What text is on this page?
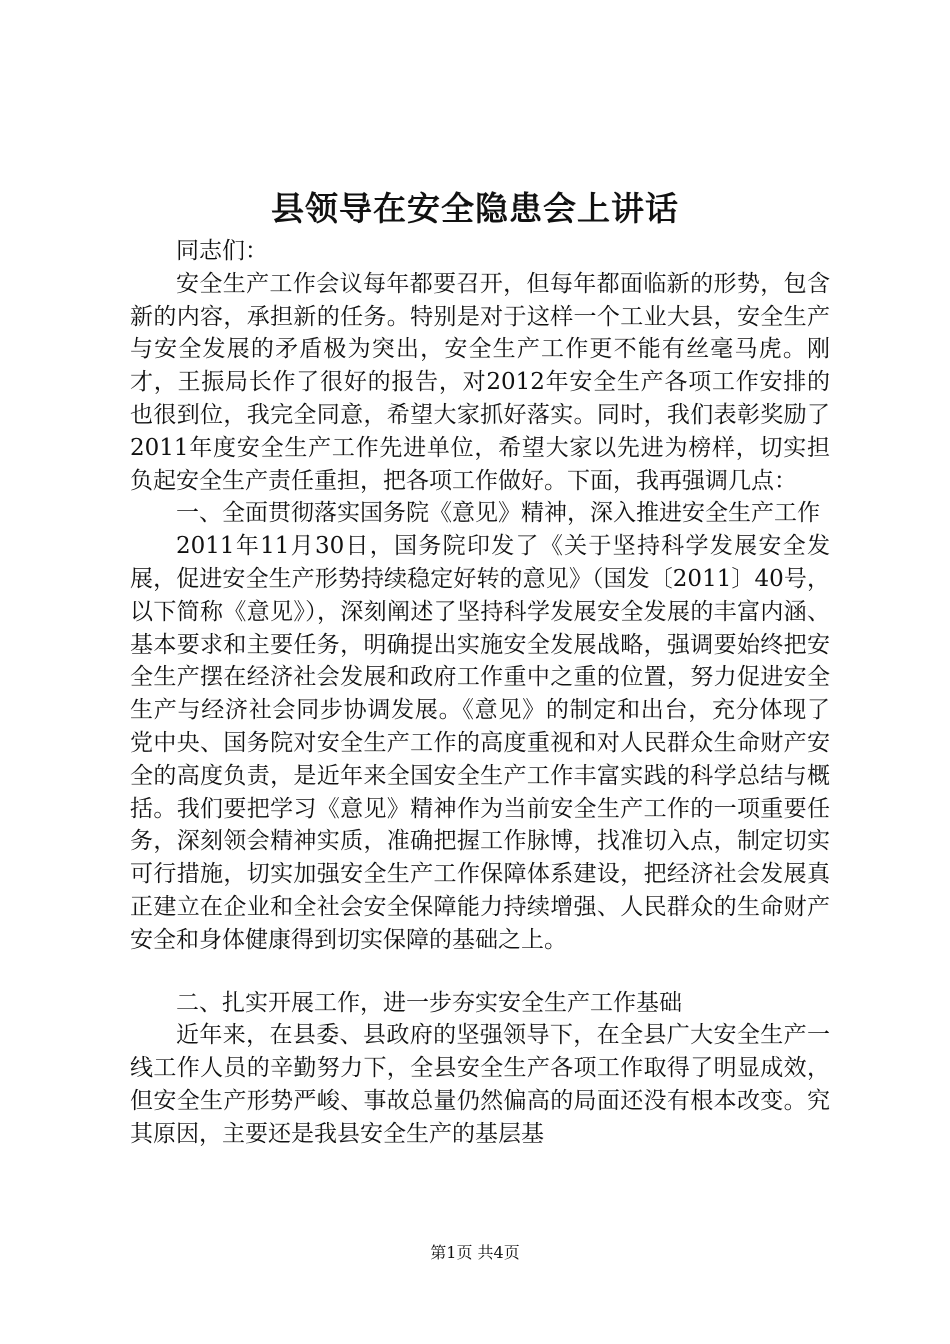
县领导在安全隐患会上讲话

同志们：

安全生产工作会议每年都要召开，但每年都面临新的形势，包含新的内容，承担新的任务。特别是对于这样一个工业大县，安全生产与安全发展的矛盾极为突出，安全生产工作更不能有丝毫马虎。刚才，王振局长作了很好的报告，对2012年安全生产各项工作安排的也很到位，我完全同意，希望大家抓好落实。同时，我们表彰奖励了2011年度安全生产工作先进单位，希望大家以先进为榜样，切实担负起安全生产责任重担，把各项工作做好。下面，我再强调几点：

一、全面贯彻落实国务院《意见》精神，深入推进安全生产工作

2011年11月30日，国务院印发了《关于坚持科学发展安全发展，促进安全生产形势持续稳定好转的意见》（国发〔2011〕40号，以下简称《意见》），深刻阐述了坚持科学发展安全发展的丰富内涵、基本要求和主要任务，明确提出实施安全发展战略，强调要始终把安全生产摆在经济社会发展和政府工作重中之重的位置，努力促进安全生产与经济社会同步协调发展。《意见》的制定和出台，充分体现了党中央、国务院对安全生产工作的高度重视和对人民群众生命财产安全的高度负责，是近年来全国安全生产工作丰富实践的科学总结与概括。我们要把学习《意见》精神作为当前安全生产工作的一项重要任务，深刻领会精神实质，准确把握工作脉博，找准切入点，制定切实可行措施，切实加强安全生产工作保障体系建设，把经济社会发展真正建立在企业和全社会安全保障能力持续增强、人民群众的生命财产安全和身体健康得到切实保障的基础之上。

二、扎实开展工作，进一步夯实安全生产工作基础

近年来，在县委、县政府的坚强领导下，在全县广大安全生产一线工作人员的辛勤努力下，全县安全生产各项工作取得了明显成效，但安全生产形势严峻、事故总量仍然偏高的局面还没有根本改变。究其原因，主要还是我县安全生产的基层基

第1页 共4页
